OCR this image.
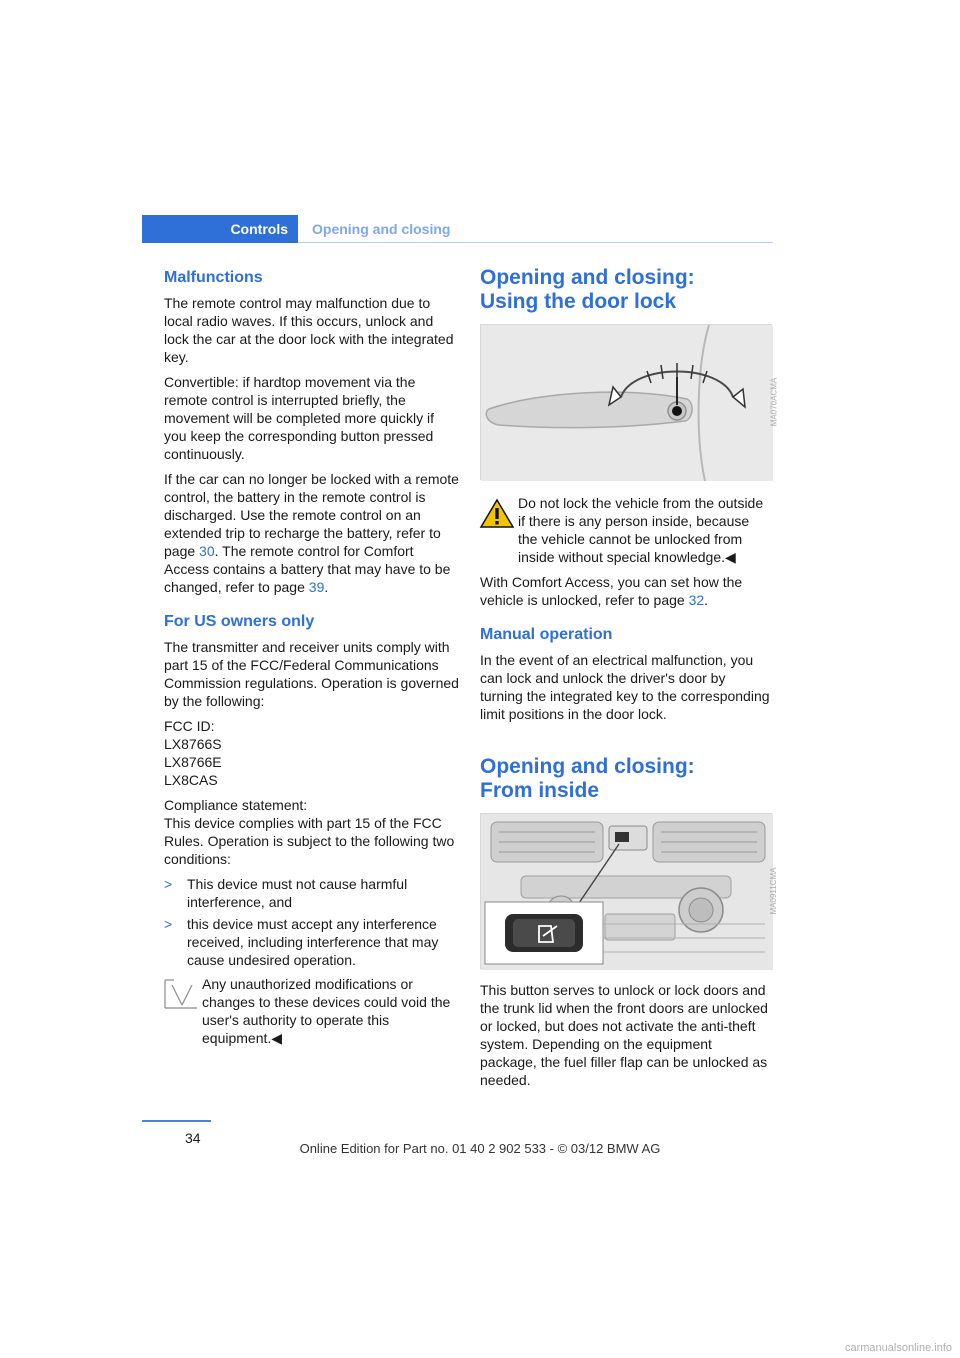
Controls Opening and closing
Malfunctions

The remote control may malfunction due to local radio waves. If this occurs, unlock and lock the car at the door lock with the integrated key.

Convertible: if hardtop movement via the remote control is interrupted briefly, the movement will be completed more quickly if you keep the corresponding button pressed continuously.

If the car can no longer be locked with a remote control, the battery in the remote control is discharged. Use the remote control on an extended trip to recharge the battery, refer to page 30. The remote control for Comfort Access contains a battery that may have to be changed, refer to page 39.

For US owners only

The transmitter and receiver units comply with part 15 of the FCC/Federal Communications Commission regulations. Operation is governed by the following:

FCC ID:
LX8766S
LX8766E
LX8CAS

Compliance statement:
This device complies with part 15 of the FCC Rules. Operation is subject to the following two conditions:

> This device must not cause harmful interference, and
> this device must accept any interference received, including interference that may cause undesired operation.

Any unauthorized modifications or changes to these devices could void the user's authority to operate this equipment.◀

Opening and closing:
Using the door lock
MA070ACMA

Do not lock the vehicle from the outside if there is any person inside, because the vehicle cannot be unlocked from inside without special knowledge.◀

With Comfort Access, you can set how the vehicle is unlocked, refer to page 32.

Manual operation

In the event of an electrical malfunction, you can lock and unlock the driver's door by turning the integrated key to the corresponding limit positions in the door lock.

Opening and closing:
From inside
MA0911CMA

This button serves to unlock or lock doors and the trunk lid when the front doors are unlocked or locked, but does not activate the anti-theft system. Depending on the equipment package, the fuel filler flap can be unlocked as needed.

34
Online Edition for Part no. 01 40 2 902 533 - © 03/12 BMW AG
carmanualsonline.info
